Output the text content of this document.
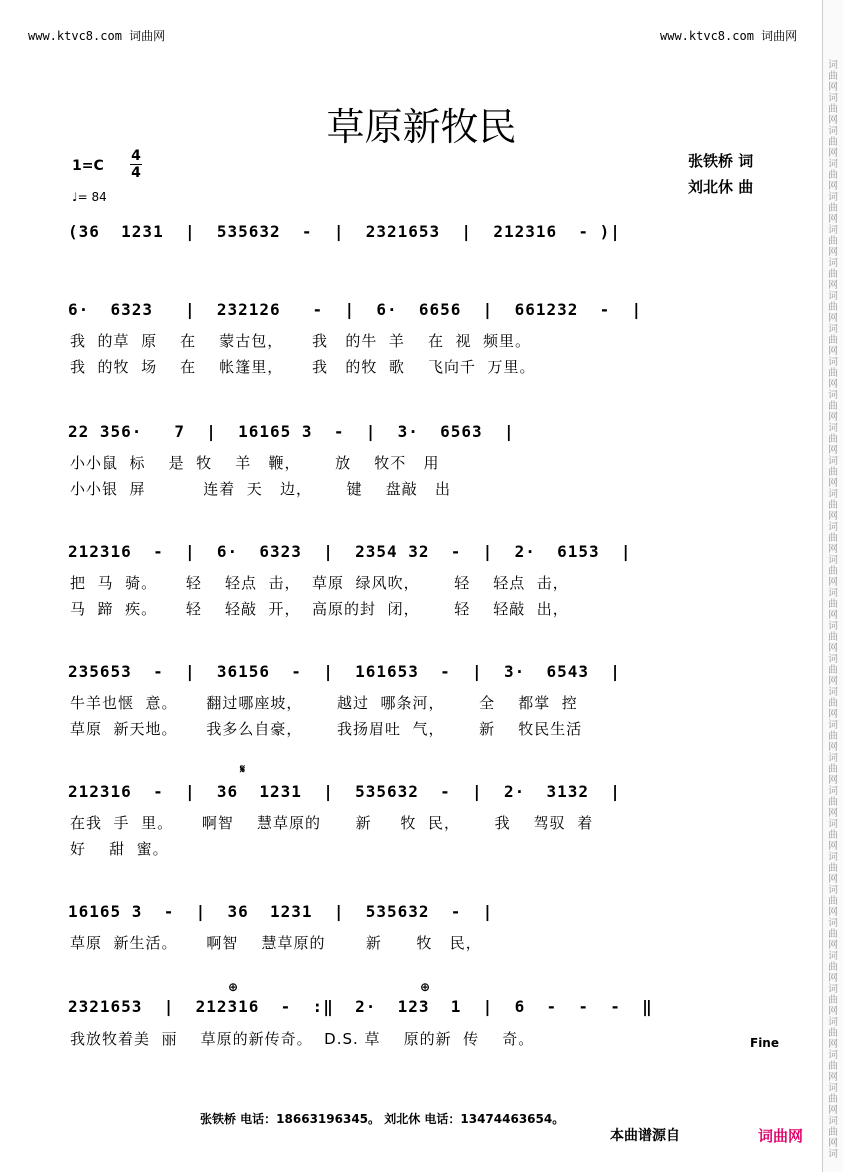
www.ktvc8.com 词曲网	www.ktvc8.com 词曲网
词
曲
网
词
曲
网
词
曲
网
词
曲
网
词
曲
网
词
曲
网
词
曲
网
词
曲
网
词
曲
网
词
曲
网
词
曲
网
词
曲
网
词
曲
网
词
曲
网
词
曲
网
词
曲
网
词
曲
网
词
曲
网
词
曲
网
词
曲
网
词
曲
网
词
曲
网
词
曲
网
词
曲
网
词
曲
网
词
曲
网
词
曲
网
词
曲
网
词
曲
网
词
曲
网
词
曲
网
词
曲
网
词
曲
网
词
草原新牧民
1=C
4
4
♩= 84
张铁桥 词
刘北休 曲
(36  1231  |  535632  -  |  2321653  |  212316  - )|
6·  6323   |  232126   -  |  6·  6656  |  661232  -  |
我  的草  原    在    蒙古包，     我   的牛  羊    在  视  频里。
我  的牧  场    在    帐篷里，     我   的牧  歌    飞向千  万里。
22 356·   7  |  16165 3  -  |  3·  6563  |
小小鼠  标    是  牧    羊   鞭，      放    牧不   用
小小银  屏          连着  天   边，      键    盘敲   出
212316  -  |  6·  6323  |  2354 32  -  |  2·  6153  |
把  马  骑。     轻    轻点  击，  草原  绿风吹，      轻    轻点  击，
马  蹄  疾。     轻    轻敲  开，  高原的封  闭，      轻    轻敲  出，
235653  -  |  36156  -  |  161653  -  |  3·  6543  |
牛羊也惬  意。     翻过哪座坡，      越过  哪条河，      全    都掌  控
草原  新天地。     我多么自豪，      我扬眉吐  气，      新    牧民生活
212316  -  |  36  1231  |  535632  -  |  2·  3132  |
在我  手  里。     啊智    慧草原的      新     牧  民，      我    驾驭  着
好    甜  蜜。
16165 3  -  |  36  1231  |  535632  -  |
草原  新生活。     啊智    慧草原的       新      牧   民，
2321653  |  212316  -  :‖  2·  123  1  |  6  -  -  -  ‖
我放牧着美  丽    草原的新传奇。  D.S. 草    原的新  传    奇。
𝄋
⊕	⊕
Fine
张铁桥 电话：18663196345。 刘北休 电话：13474463654。
本曲谱源自	词曲网
